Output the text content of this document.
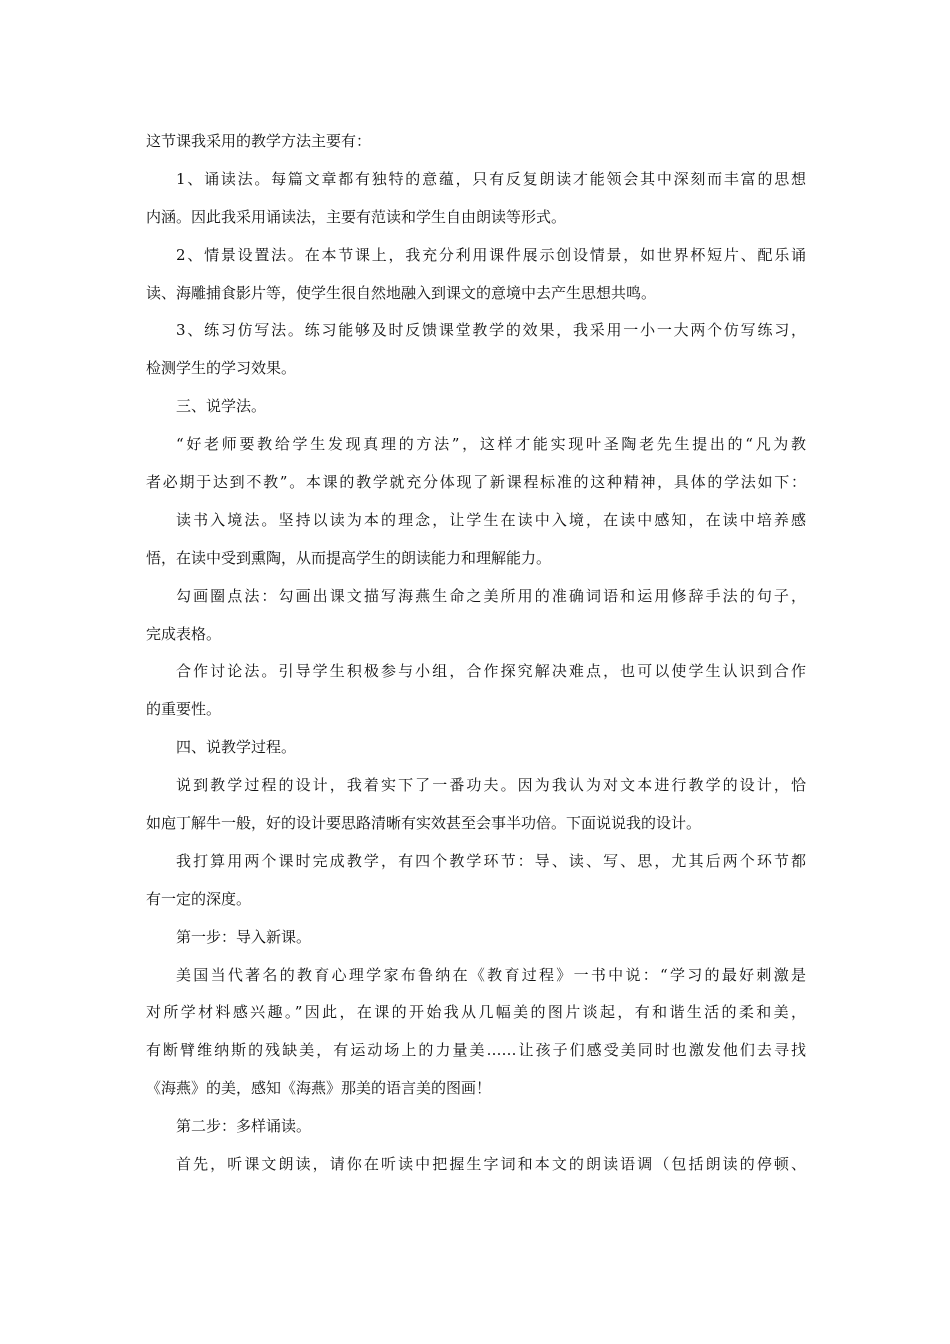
这节课我采用的教学方法主要有：
1、诵读法。每篇文章都有独特的意蕴，只有反复朗读才能领会其中深刻而丰富的思想
内涵。因此我采用诵读法，主要有范读和学生自由朗读等形式。
2、情景设置法。在本节课上，我充分利用课件展示创设情景，如世界杯短片、配乐诵
读、海雕捕食影片等，使学生很自然地融入到课文的意境中去产生思想共鸣。
3、练习仿写法。练习能够及时反馈课堂教学的效果，我采用一小一大两个仿写练习，
检测学生的学习效果。
三、说学法。
“好老师要教给学生发现真理的方法”，这样才能实现叶圣陶老先生提出的“凡为教
者必期于达到不教”。本课的教学就充分体现了新课程标准的这种精神，具体的学法如下：
读书入境法。坚持以读为本的理念，让学生在读中入境，在读中感知，在读中培养感
悟，在读中受到熏陶，从而提高学生的朗读能力和理解能力。
勾画圈点法：勾画出课文描写海燕生命之美所用的准确词语和运用修辞手法的句子，
完成表格。
合作讨论法。引导学生积极参与小组，合作探究解决难点，也可以使学生认识到合作
的重要性。
四、说教学过程。
说到教学过程的设计，我着实下了一番功夫。因为我认为对文本进行教学的设计，恰
如庖丁解牛一般，好的设计要思路清晰有实效甚至会事半功倍。下面说说我的设计。
我打算用两个课时完成教学，有四个教学环节：导、读、写、思，尤其后两个环节都
有一定的深度。
第一步：导入新课。
美国当代著名的教育心理学家布鲁纳在《教育过程》一书中说：“学习的最好刺激是
对所学材料感兴趣。”因此，在课的开始我从几幅美的图片谈起，有和谐生活的柔和美，
有断臂维纳斯的残缺美，有运动场上的力量美……让孩子们感受美同时也激发他们去寻找
《海燕》的美，感知《海燕》那美的语言美的图画！
第二步：多样诵读。
首先，听课文朗读，请你在听读中把握生字词和本文的朗读语调（包括朗读的停顿、
